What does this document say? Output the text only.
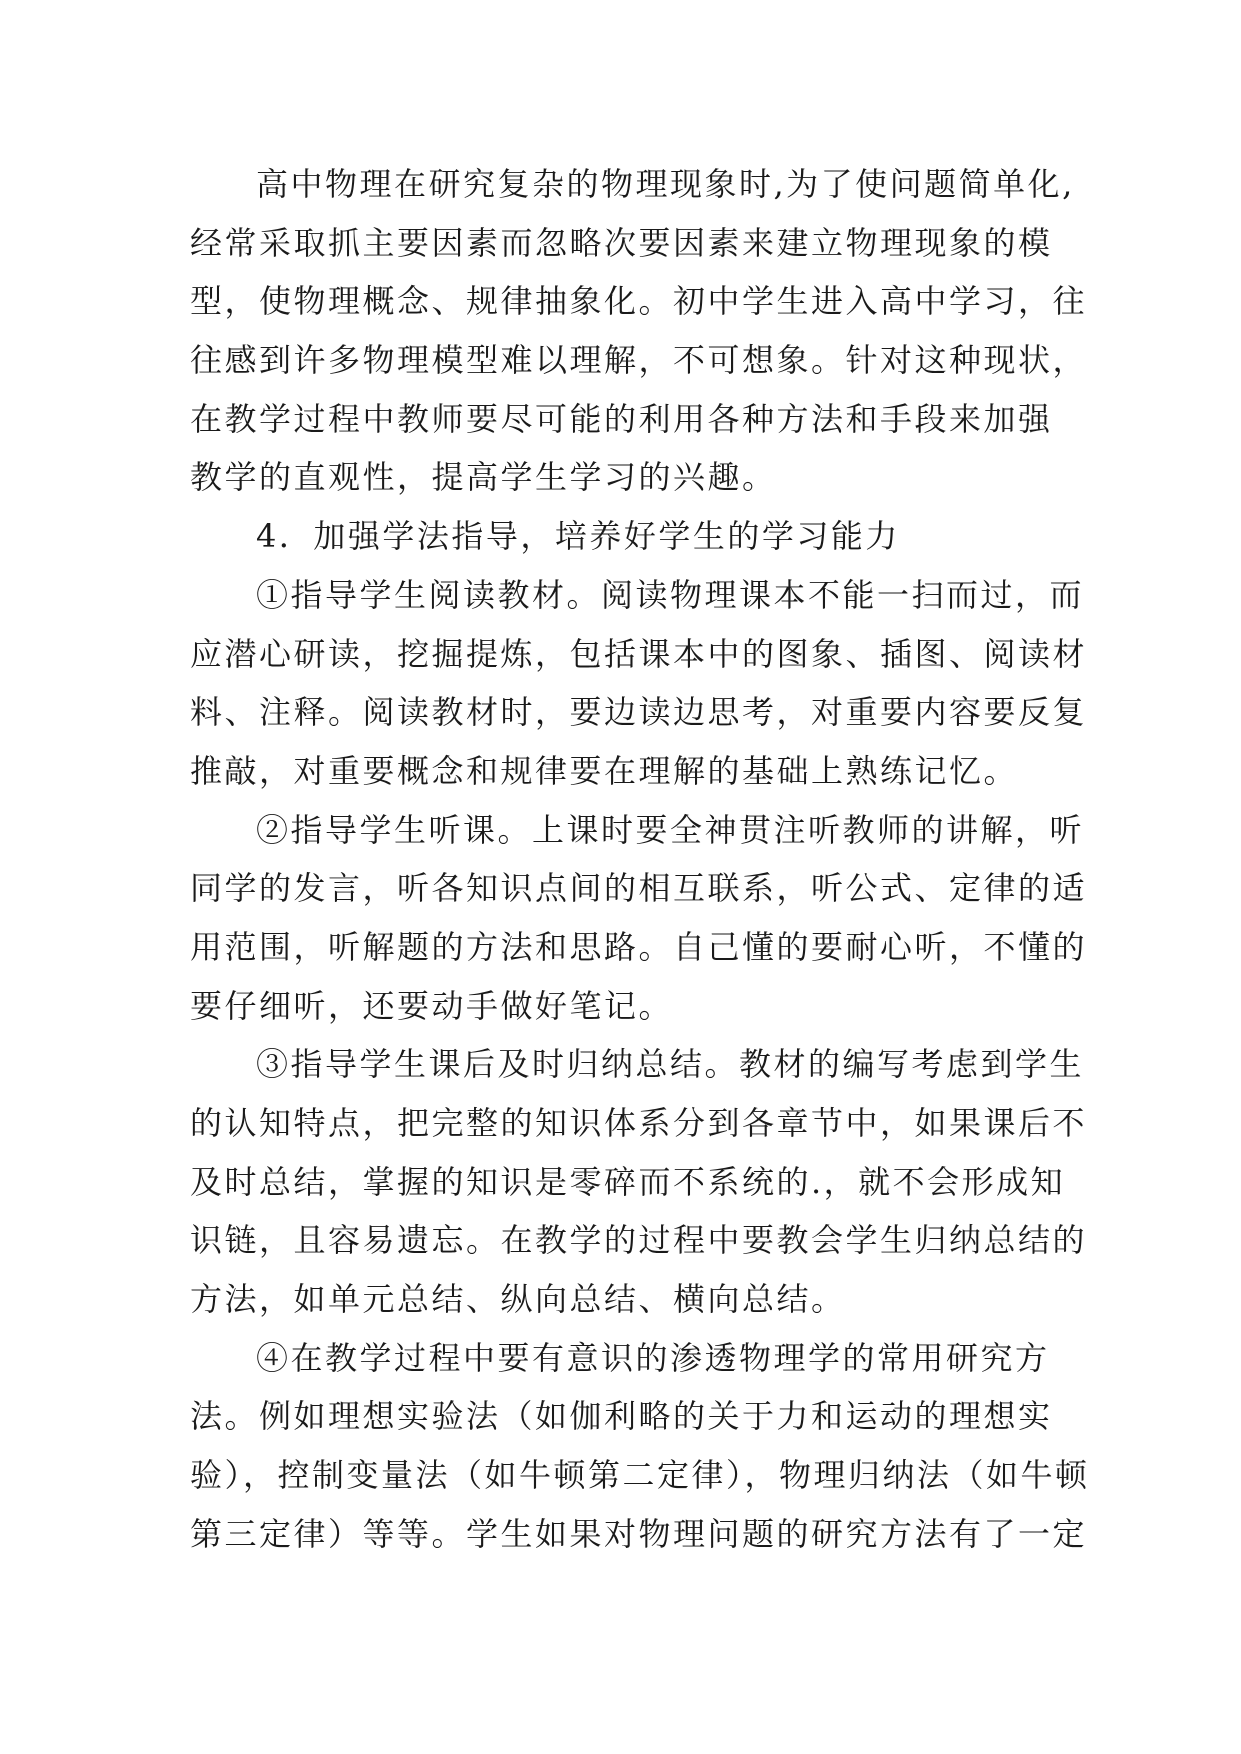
高中物理在研究复杂的物理现象时,为了使问题简单化,
经常采取抓主要因素而忽略次要因素来建立物理现象的模
型，使物理概念、规律抽象化。初中学生进入高中学习，往
往感到许多物理模型难以理解，不可想象。针对这种现状，
在教学过程中教师要尽可能的利用各种方法和手段来加强
教学的直观性，提高学生学习的兴趣。
4．加强学法指导，培养好学生的学习能力
①指导学生阅读教材。阅读物理课本不能一扫而过，而
应潜心研读，挖掘提炼，包括课本中的图象、插图、阅读材
料、注释。阅读教材时，要边读边思考，对重要内容要反复
推敲，对重要概念和规律要在理解的基础上熟练记忆。
②指导学生听课。上课时要全神贯注听教师的讲解，听
同学的发言，听各知识点间的相互联系，听公式、定律的适
用范围，听解题的方法和思路。自己懂的要耐心听，不懂的
要仔细听，还要动手做好笔记。
③指导学生课后及时归纳总结。教材的编写考虑到学生
的认知特点，把完整的知识体系分到各章节中，如果课后不
及时总结，掌握的知识是零碎而不系统的.，就不会形成知
识链，且容易遗忘。在教学的过程中要教会学生归纳总结的
方法，如单元总结、纵向总结、横向总结。
④在教学过程中要有意识的渗透物理学的常用研究方
法。例如理想实验法（如伽利略的关于力和运动的理想实
验），控制变量法（如牛顿第二定律），物理归纳法（如牛顿
第三定律）等等。学生如果对物理问题的研究方法有了一定
